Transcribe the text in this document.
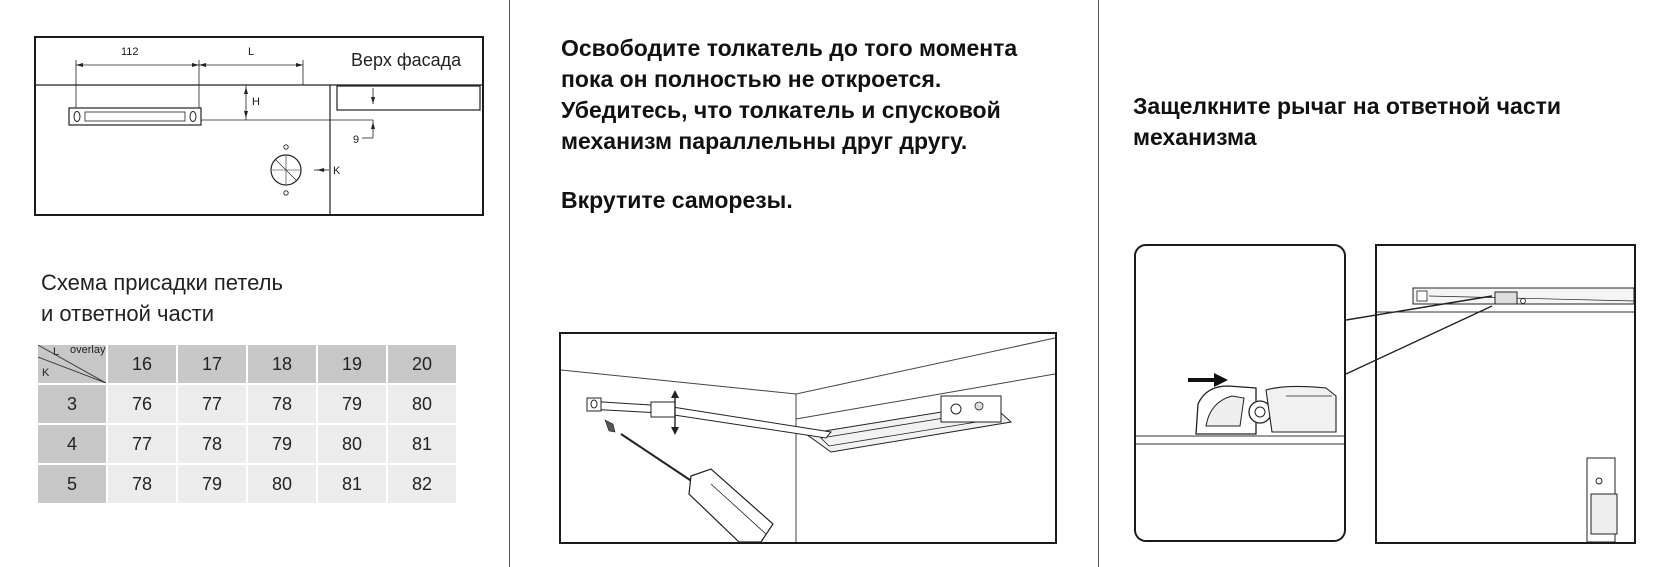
112	L
H
9
K
Верх фасада
Схема присадки петель
и ответной части
overlay
L
K	16	17	18	19	20
3	76	77	78	79	80
4	77	78	79	80	81
5	78	79	80	81	82
Освободите толкатель до того момента
пока он полностью не откроется.
Убедитесь, что толкатель и спусковой
механизм параллельны друг другу.
Вкрутите саморезы.
Защелкните рычаг на ответной части
механизма
